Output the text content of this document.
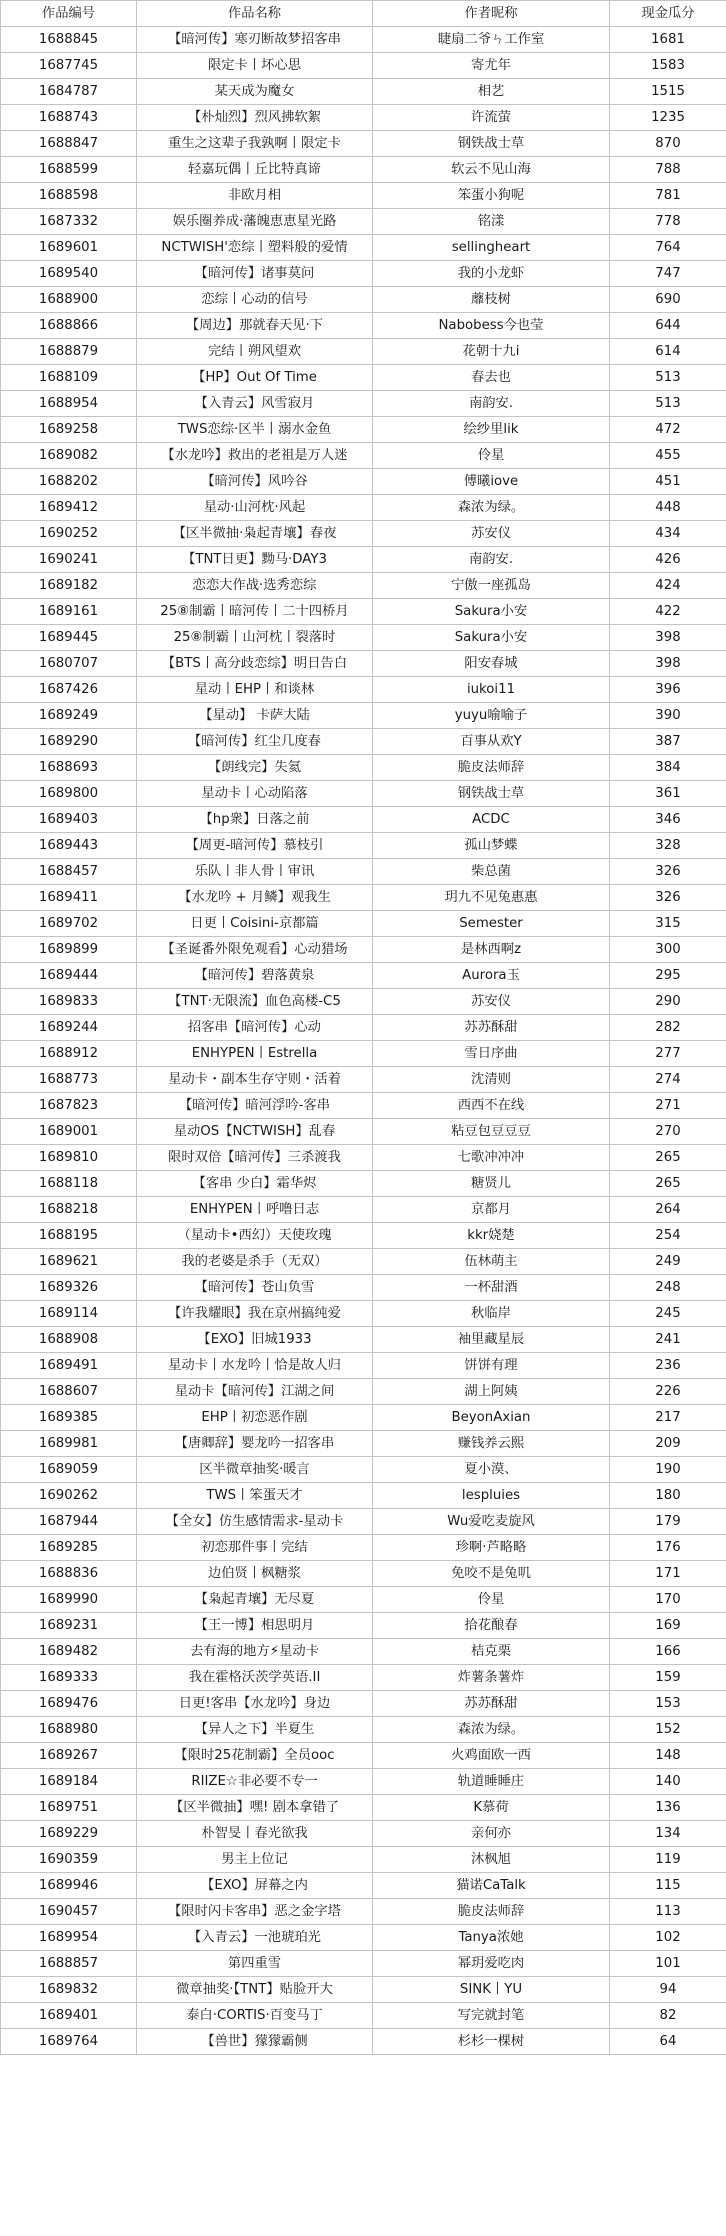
作品编号	作品名称	作者昵称	现金瓜分
1688845	【暗河传】寒刃断故梦招客串	睫扇二爷ㄣ工作室	1681
1687745	限定卡丨坏心思	寄尤年	1583
1684787	某天成为魔女	相艺	1515
1688743	【朴灿烈】烈风拂软絮	许流萤	1235
1688847	重生之这辈子我孰啊丨限定卡	钢铁战士草	870
1688599	轻嘉玩偶丨丘比特真谛	软云不见山海	788
1688598	非欧月相	笨蛋小狗呢	781
1687332	娱乐圈养成·藩魄恵恵星光路	铭漾	778
1689601	NCTWISH'恋综丨塑料般的爱情	sellingheart	764
1689540	【暗河传】诸事莫问	我的小龙虾	747
1688900	恋综丨心动的信号	蘼枝树	690
1688866	【周边】那就春天见·下	Nabobess今也莹	644
1688879	完结丨朔风望欢	花朝十九i	614
1688109	【HP】Out Of Time	春去也	513
1688954	【入青云】风雪寂月	南韵安.	513
1689258	TWS恋综·区半丨溺水金鱼	绘纱里lik	472
1689082	【水龙吟】救出的老祖是万人迷	伶星	455
1688202	【暗河传】风吟谷	傅曦iove	451
1689412	星动·山河枕·风起	森浓为绿。	448
1690252	【区半微抽·枭起青壤】春夜	苏安仪	434
1690241	【TNT日更】黝马·DAY3	南韵安.	426
1689182	恋恋大作战·选秀恋综	宁傲一座孤岛	424
1689161	25⑧制霸丨暗河传丨二十四桥月	Sakura小安	422
1689445	25⑧制霸丨山河枕丨裂落时	Sakura小安	398
1680707	【BTS丨高分歧恋综】明日告白	阳安春城	398
1687426	星动丨EHP丨和谈林	iukoi11	396
1689249	【星动】 卡萨大陆	yuyu喻喻子	390
1689290	【暗河传】红尘几度春	百事从欢Y	387
1688693	【朗线完】失氦	脆皮法师辞	384
1689800	星动卡丨心动陷落	钢铁战士草	361
1689403	【hp衆】日落之前	ACDC	346
1689443	【周更-暗河传】慕枝引	孤山梦蝶	328
1688457	乐队丨非人骨丨审讯	柴总菌	326
1689411	【水龙吟 + 月鳞】观我生	玥九不见兔惠惠	326
1689702	日更丨Coisini-京都篇	Semester	315
1689899	【圣诞番外限免观看】心动猎场	是林西啊z	300
1689444	【暗河传】碧落黄泉	Aurora玉	295
1689833	【TNT·无限流】血色高楼-C5	苏安仪	290
1689244	招客串【暗河传】心动	苏苏酥甜	282
1688912	ENHYPEN丨Estrella	雪日序曲	277
1688773	星动卡・副本生存守则・活着	沈清则	274
1687823	【暗河传】暗河浮吟-客串	西西不在线	271
1689001	星动OS【NCTWISH】乱春	粘豆包豆豆豆	270
1689810	限时双倍【暗河传】三杀渡我	七歌冲冲冲	265
1688118	【客串 少白】霜华烬	糖贤儿	265
1688218	ENHYPEN丨呼噜日志	京都月	264
1688195	（星动卡•西幻）天使玫瑰	kkr娆楚	254
1689621	我的老婆是杀手（无双）	伍林萌主	249
1689326	【暗河传】苍山负雪	一杯甜酒	248
1689114	【许我耀眼】我在京州搞纯爱	秋临岸	245
1688908	【EXO】旧城1933	袖里藏星辰	241
1689491	星动卡丨水龙吟丨恰是故人归	饼饼有理	236
1688607	星动卡【暗河传】江湖之间	湖上阿姨	226
1689385	EHP丨初恋恶作剧	BeyonAxian	217
1689981	【唐卿辞】婴龙吟一招客串	赚钱养云熙	209
1689059	区半微章抽奖·暖言	夏小漠、	190
1690262	TWS丨笨蛋天才	lespluies	180
1687944	【全女】仿生感情需求-星动卡	Wu爱吃麦旋风	179
1689285	初恋那件事丨完结	珍啊·芦略略	176
1688836	边伯贤丨枫糖浆	免咬不是兔叽	171
1689990	【枭起青壤】无尽夏	伶星	170
1689231	【王一博】相思明月	拾花酿春	169
1689482	去有海的地方⚡星动卡	桔克栗	166
1689333	我在霍格沃茨学英语.II	炸薯条薯炸	159
1689476	日更!客串【水龙吟】身边	苏苏酥甜	153
1688980	【异人之下】半夏生	森浓为绿。	152
1689267	【限时25花制霸】全员ooc	火鸡面欧一西	148
1689184	RIIZE☆非必要不专一	轨道睡睡庄	140
1689751	【区半微抽】嘿! 剧本拿错了	K慕荷	136
1689229	朴智旻丨春光欲我	亲何亦	134
1690359	男主上位记	沐枫旭	119
1689946	【EXO】屏幕之内	猫诺CaTalk	115
1690457	【限时闪卡客串】恶之金字塔	脆皮法师辞	113
1689954	【入青云】一池琥珀光	Tanya浓她	102
1688857	第四重雪	幂玥爱吃肉	101
1689832	微章抽奖·【TNT】贴脸开大	SINK丨YU	94
1689401	泰白·CORTIS·百变马丁	写完就封笔	82
1689764	【兽世】獴獴霸侧	杉杉一棵树	64
